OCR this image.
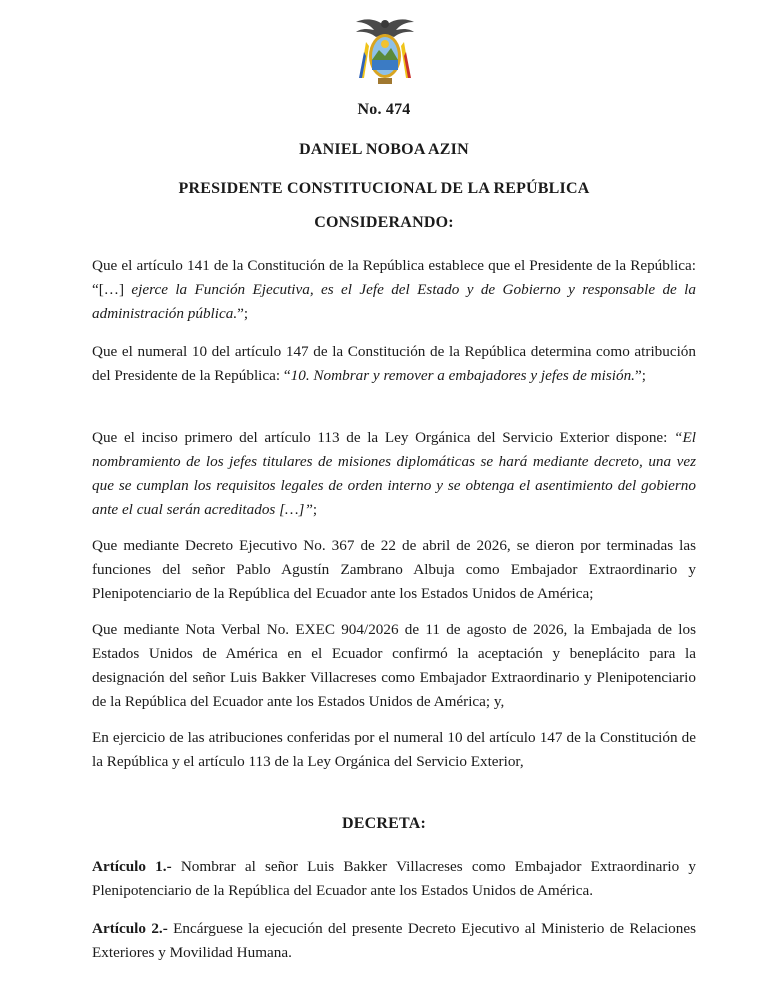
No. 474
DANIEL NOBOA AZIN
PRESIDENTE CONSTITUCIONAL DE LA REPÚBLICA
CONSIDERANDO:
Que el artículo 141 de la Constitución de la República establece que el Presidente de la República: “[…] ejerce la Función Ejecutiva, es el Jefe del Estado y de Gobierno y responsable de la administración pública.”;
Que el numeral 10 del artículo 147 de la Constitución de la República determina como atribución del Presidente de la República: “10. Nombrar y remover a embajadores y jefes de misión.”;
Que el inciso primero del artículo 113 de la Ley Orgánica del Servicio Exterior dispone: “El nombramiento de los jefes titulares de misiones diplomáticas se hará mediante decreto, una vez que se cumplan los requisitos legales de orden interno y se obtenga el asentimiento del gobierno ante el cual serán acreditados […]”;
Que mediante Decreto Ejecutivo No. 367 de 22 de abril de 2026, se dieron por terminadas las funciones del señor Pablo Agustín Zambrano Albuja como Embajador Extraordinario y Plenipotenciario de la República del Ecuador ante los Estados Unidos de América;
Que mediante Nota Verbal No. EXEC 904/2026 de 11 de agosto de 2026, la Embajada de los Estados Unidos de América en el Ecuador confirmó la aceptación y beneplácito para la designación del señor Luis Bakker Villacreses como Embajador Extraordinario y Plenipotenciario de la República del Ecuador ante los Estados Unidos de América; y,
En ejercicio de las atribuciones conferidas por el numeral 10 del artículo 147 de la Constitución de la República y el artículo 113 de la Ley Orgánica del Servicio Exterior,
DECRETA:
Artículo 1.- Nombrar al señor Luis Bakker Villacreses como Embajador Extraordinario y Plenipotenciario de la República del Ecuador ante los Estados Unidos de América.
Artículo 2.- Encárguese la ejecución del presente Decreto Ejecutivo al Ministerio de Relaciones Exteriores y Movilidad Humana.
